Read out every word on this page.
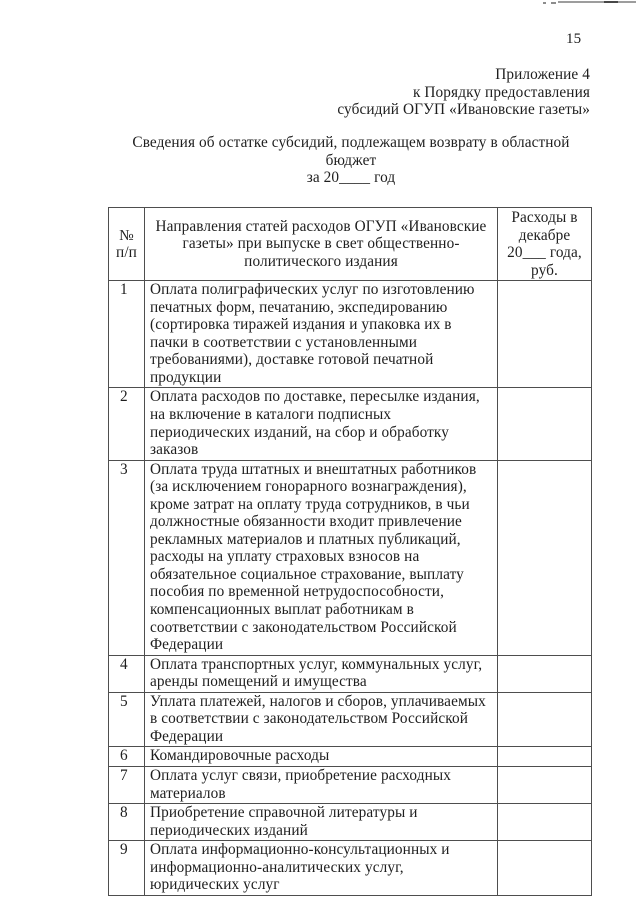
15
Приложение 4
к Порядку предоставления
субсидий ОГУП «Ивановские газеты»
Сведения об остатке субсидий, подлежащем возврату в областной
бюджет
за 20____ год
№ п/п	Направления статей расходов ОГУП «Ивановские газеты» при выпуске в свет общественно-политического издания	Расходы в декабре 20___ года, руб.
1	Оплата полиграфических услуг по изготовлению печатных форм, печатанию, экспедированию (сортировка тиражей издания и упаковка их в пачки в соответствии с установленными требованиями), доставке готовой печатной продукции	
2	Оплата расходов по доставке, пересылке издания, на включение в каталоги подписных периодических изданий, на сбор и обработку заказов	
3	Оплата труда штатных и внештатных работников (за исключением гонорарного вознаграждения), кроме затрат на оплату труда сотрудников, в чьи должностные обязанности входит привлечение рекламных материалов и платных публикаций, расходы на уплату страховых взносов на обязательное социальное страхование, выплату пособия по временной нетрудоспособности, компенсационных выплат работникам в соответствии с законодательством Российской Федерации	
4	Оплата транспортных услуг, коммунальных услуг, аренды помещений и имущества	
5	Уплата платежей, налогов и сборов, уплачиваемых в соответствии с законодательством Российской Федерации	
6	Командировочные расходы	
7	Оплата услуг связи, приобретение расходных материалов	
8	Приобретение справочной литературы и периодических изданий	
9	Оплата информационно-консультационных и информационно-аналитических услуг, юридических услуг	
